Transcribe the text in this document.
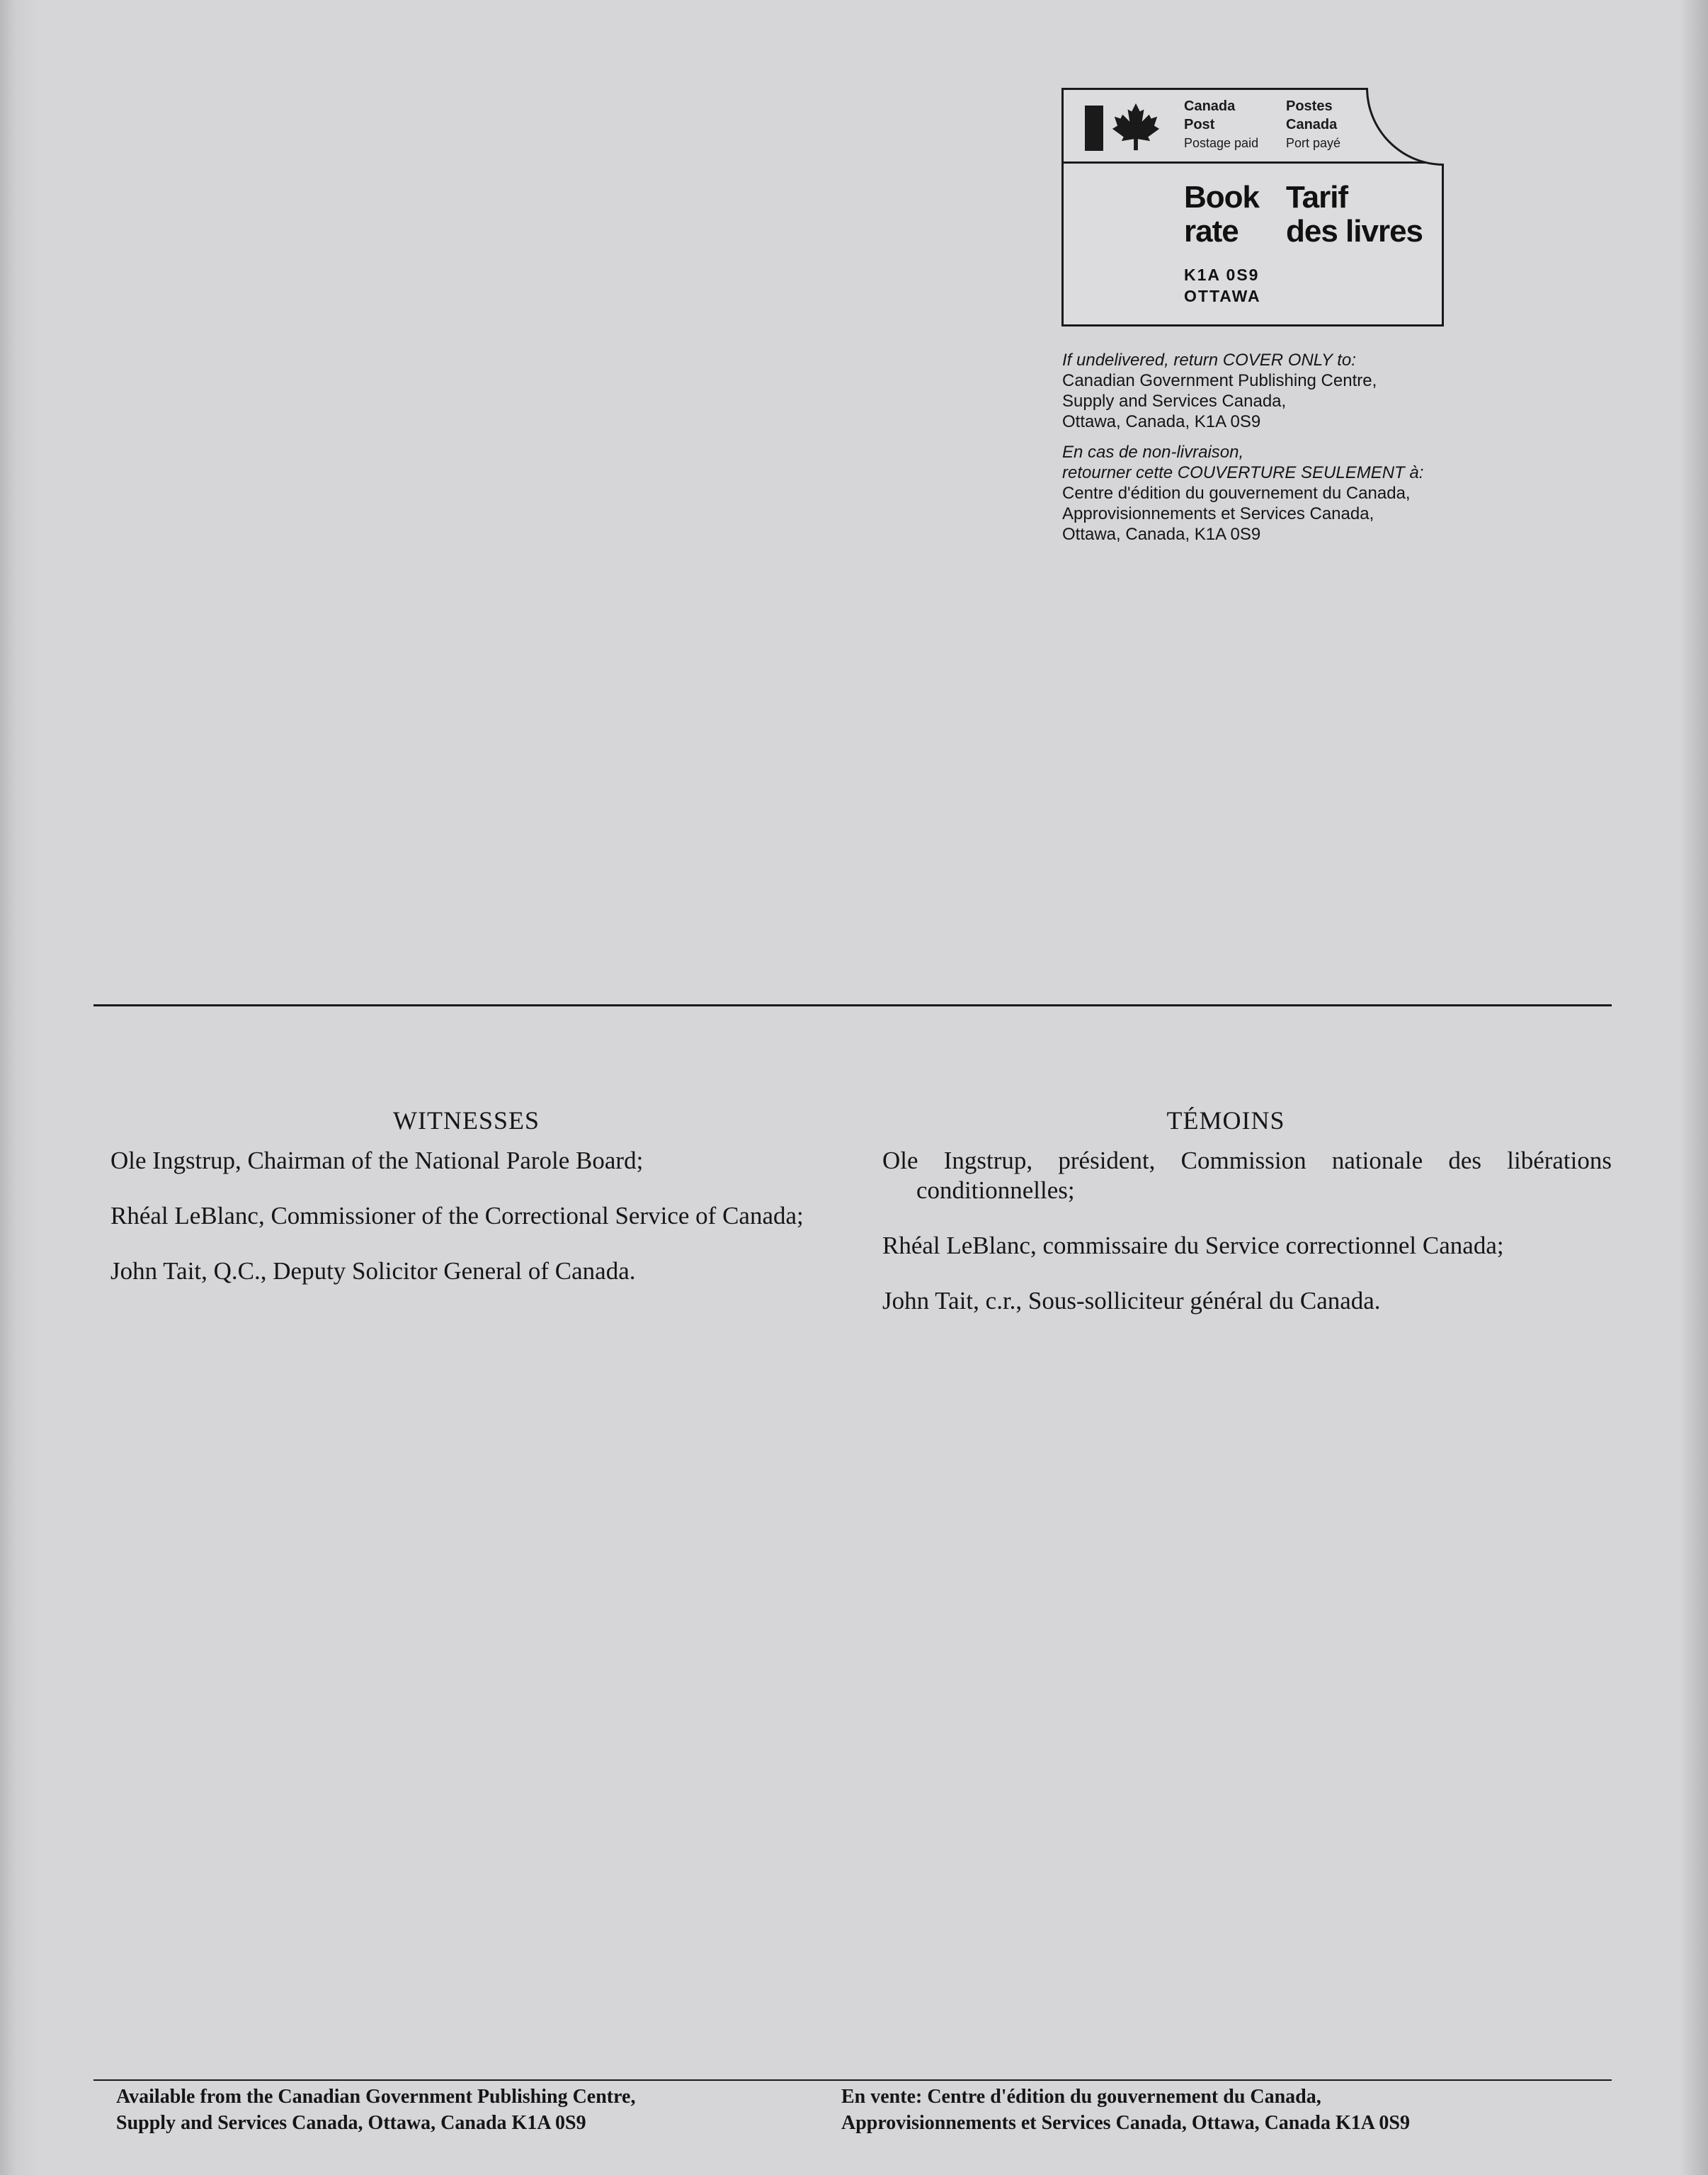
Canada
Post
Postage paid
Postes
Canada
Port payé
Book
rate
Tarif
des livres
K1A 0S9
OTTAWA
If undelivered, return COVER ONLY to:
Canadian Government Publishing Centre,
Supply and Services Canada,
Ottawa, Canada, K1A 0S9
En cas de non-livraison,
retourner cette COUVERTURE SEULEMENT à:
Centre d'édition du gouvernement du Canada,
Approvisionnements et Services Canada,
Ottawa, Canada, K1A 0S9
WITNESSES

Ole Ingstrup, Chairman of the National Parole Board;

Rhéal LeBlanc, Commissioner of the Correctional Service of Canada;

John Tait, Q.C., Deputy Solicitor General of Canada.

TÉMOINS

Ole Ingstrup, président, Commission nationale des libérations conditionnelles;

Rhéal LeBlanc, commissaire du Service correctionnel Canada;

John Tait, c.r., Sous-solliciteur général du Canada.

Available from the Canadian Government Publishing Centre,
Supply and Services Canada, Ottawa, Canada K1A 0S9
En vente: Centre d'édition du gouvernement du Canada,
Approvisionnements et Services Canada, Ottawa, Canada K1A 0S9
